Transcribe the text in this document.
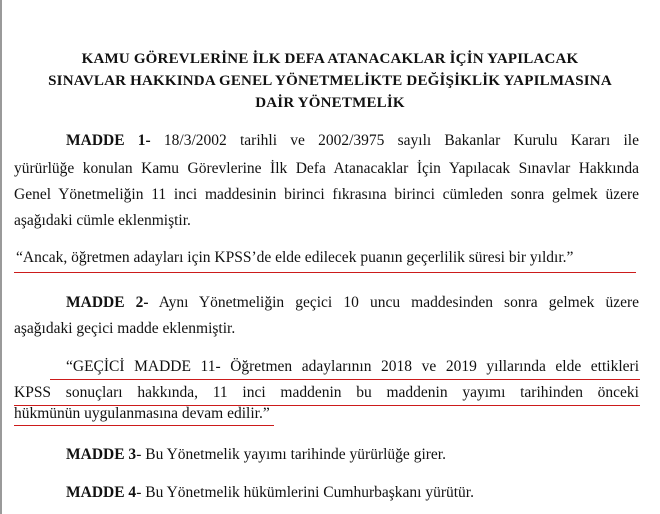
KAMU GÖREVLERİNE İLK DEFA ATANACAKLAR İÇİN YAPILACAK
SINAVLAR HAKKINDA GENEL YÖNETMELİKTE DEĞİŞİKLİK YAPILMASINA
DAİR YÖNETMELİK
MADDE 1- 18/3/2002 tarihli ve 2002/3975 sayılı Bakanlar Kurulu Kararı ile
yürürlüğe konulan Kamu Görevlerine İlk Defa Atanacaklar İçin Yapılacak Sınavlar Hakkında
Genel Yönetmeliğin 11 inci maddesinin birinci fıkrasına birinci cümleden sonra gelmek üzere
aşağıdaki cümle eklenmiştir.
“Ancak, öğretmen adayları için KPSS’de elde edilecek puanın geçerlilik süresi bir yıldır.”
MADDE 2- Aynı Yönetmeliğin geçici 10 uncu maddesinden sonra gelmek üzere
aşağıdaki geçici madde eklenmiştir.
“GEÇİCİ MADDE 11- Öğretmen adaylarının 2018 ve 2019 yıllarında elde ettikleri
KPSS sonuçları hakkında, 11 inci maddenin bu maddenin yayımı tarihinden önceki
hükmünün uygulanmasına devam edilir.”
MADDE 3- Bu Yönetmelik yayımı tarihinde yürürlüğe girer.
MADDE 4- Bu Yönetmelik hükümlerini Cumhurbaşkanı yürütür.
